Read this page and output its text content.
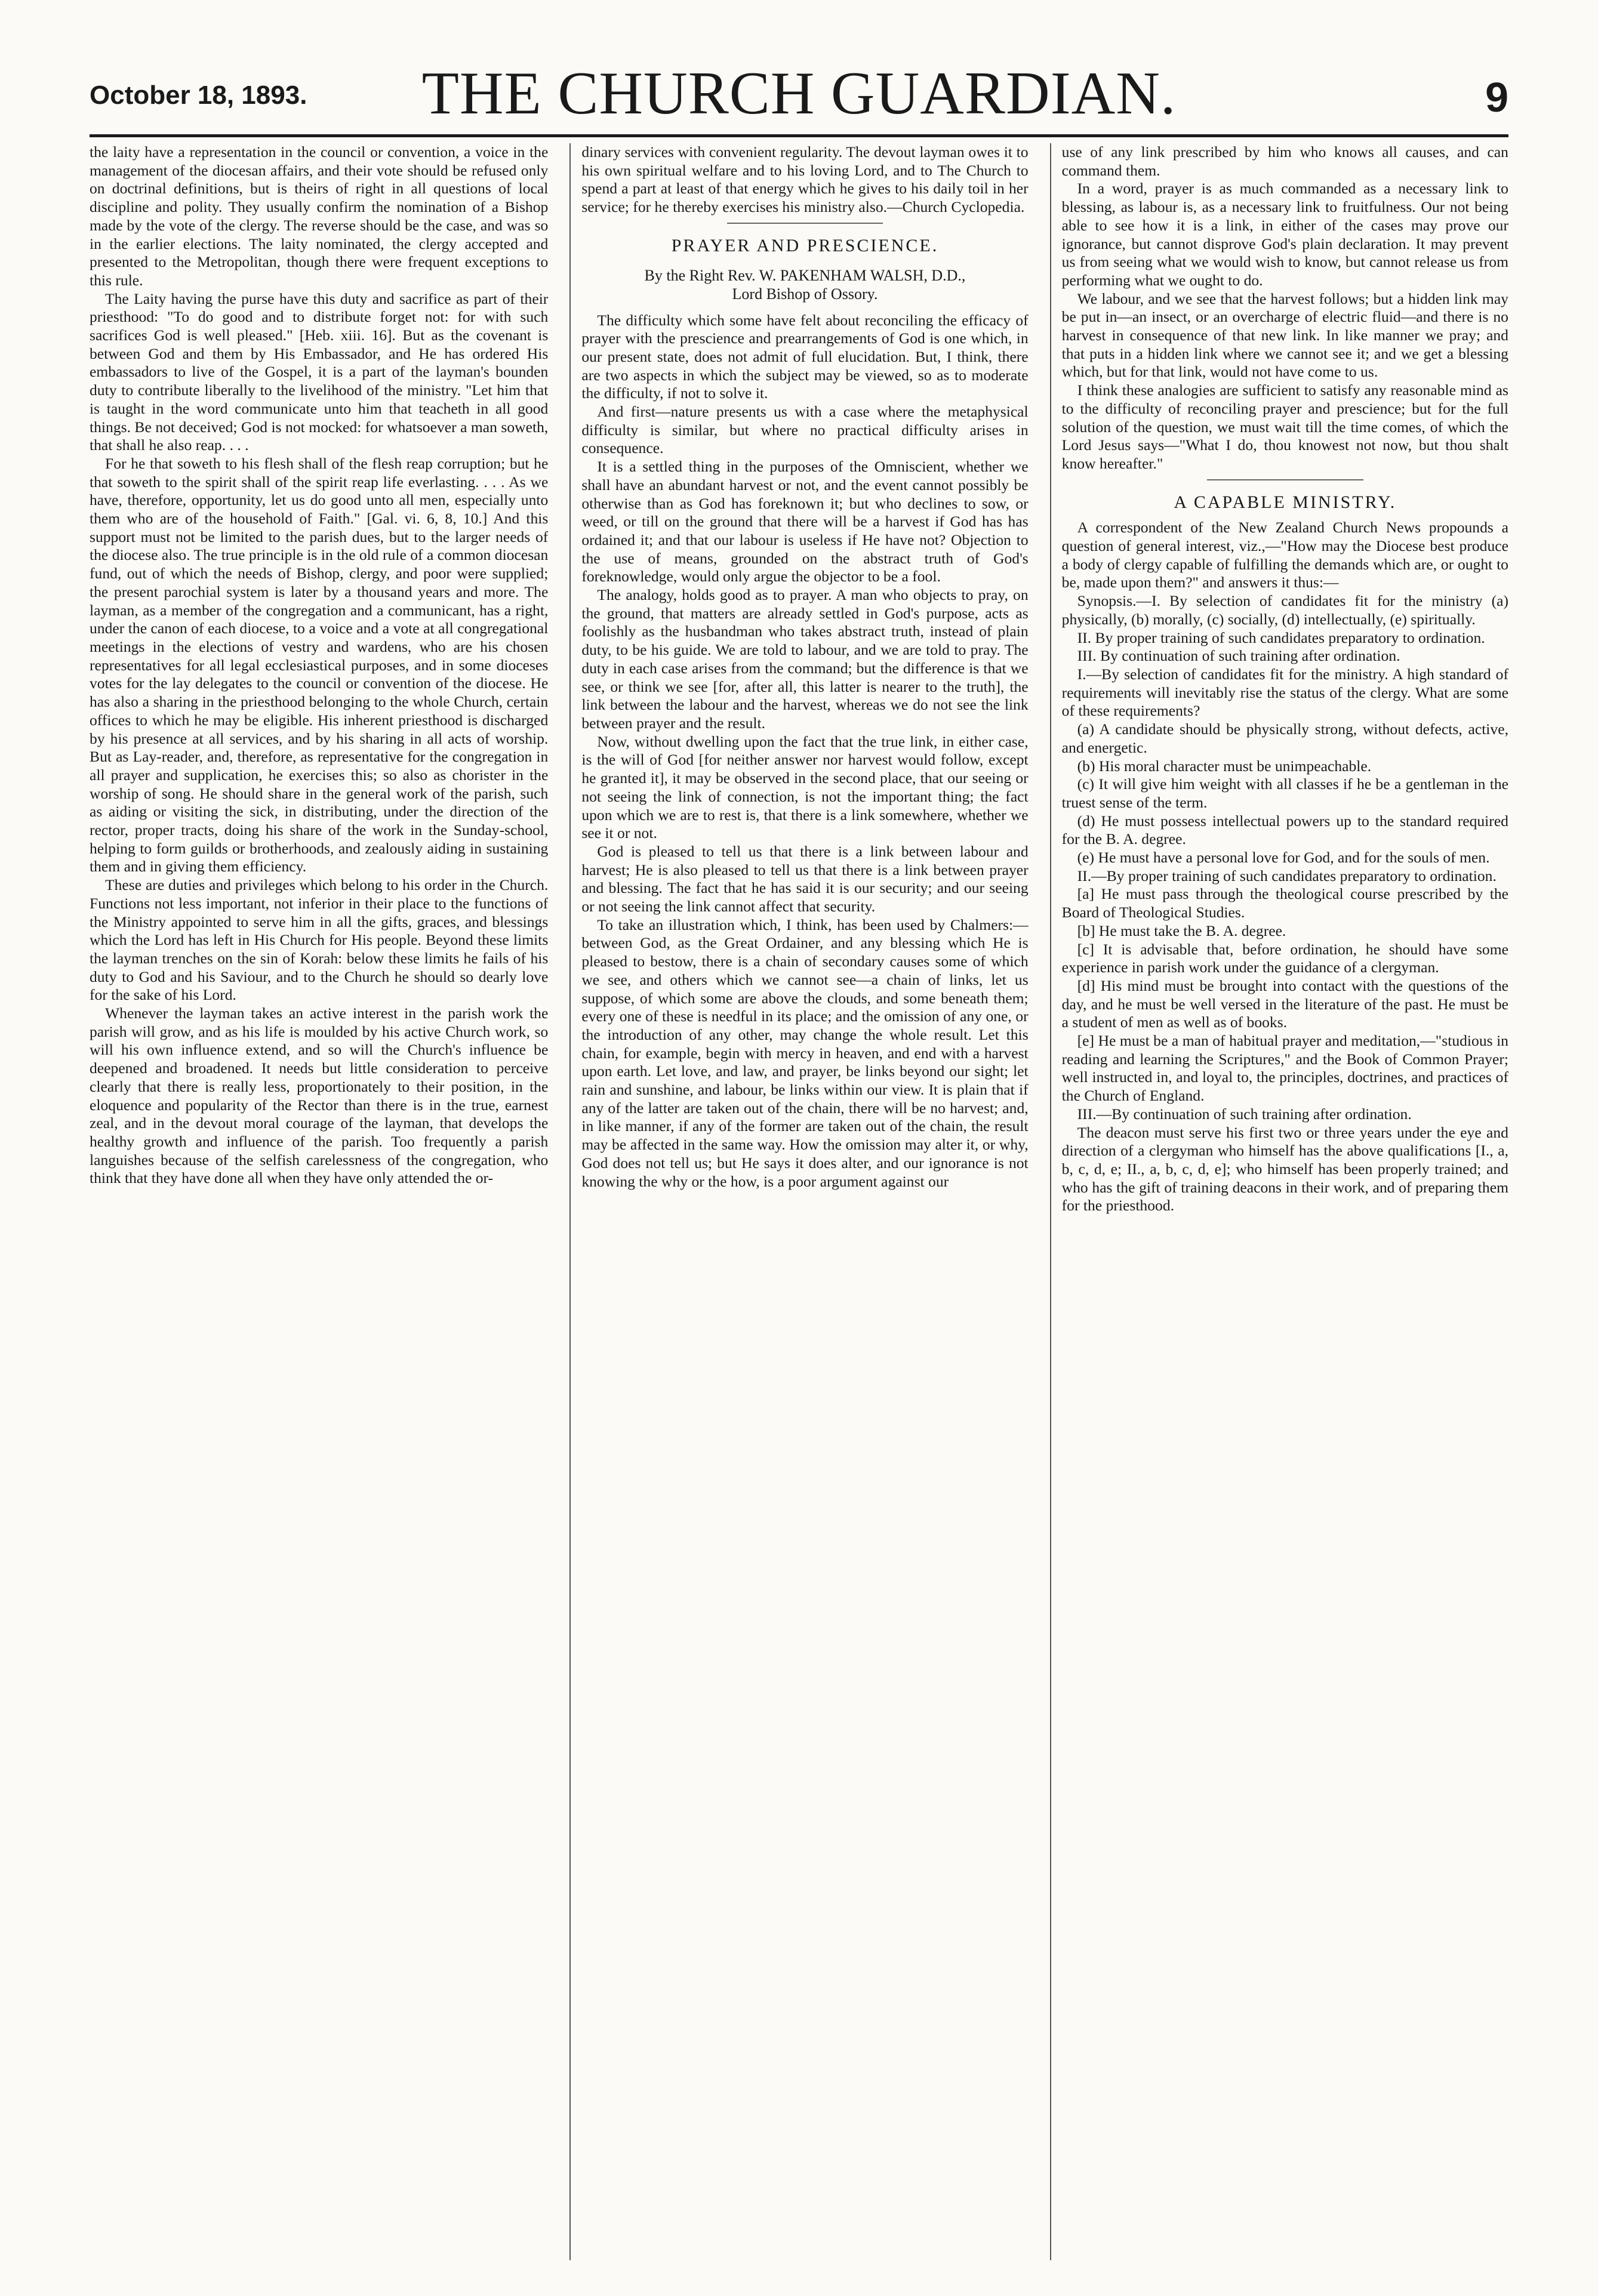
October 18, 1893.	THE CHURCH GUARDIAN.	9

the laity have a representation in the council or convention, a voice in the management of the diocesan affairs, and their vote should be refused only on doctrinal definitions, but is theirs of right in all questions of local discipline and polity. They usually confirm the nomination of a Bishop made by the vote of the clergy. The reverse should be the case, and was so in the earlier elections. The laity nominated, the clergy accepted and presented to the Metropolitan, though there were frequent exceptions to this rule.

The Laity having the purse have this duty and sacrifice as part of their priesthood: "To do good and to distribute forget not: for with such sacrifices God is well pleased." [Heb. xiii. 16]. But as the covenant is between God and them by His Embassador, and He has ordered His embassadors to live of the Gospel, it is a part of the layman's bounden duty to contribute liberally to the livelihood of the ministry. "Let him that is taught in the word communicate unto him that teacheth in all good things. Be not deceived; God is not mocked: for whatsoever a man soweth, that shall he also reap. . . .

For he that soweth to his flesh shall of the flesh reap corruption; but he that soweth to the spirit shall of the spirit reap life everlasting. . . . As we have, therefore, opportunity, let us do good unto all men, especially unto them who are of the household of Faith." [Gal. vi. 6, 8, 10.] And this support must not be limited to the parish dues, but to the larger needs of the diocese also. The true principle is in the old rule of a common diocesan fund, out of which the needs of Bishop, clergy, and poor were supplied; the present parochial system is later by a thousand years and more. The layman, as a member of the congregation and a communicant, has a right, under the canon of each diocese, to a voice and a vote at all congregational meetings in the elections of vestry and wardens, who are his chosen representatives for all legal ecclesiastical purposes, and in some dioceses votes for the lay delegates to the council or convention of the diocese. He has also a sharing in the priesthood belonging to the whole Church, certain offices to which he may be eligible. His inherent priesthood is discharged by his presence at all services, and by his sharing in all acts of worship. But as Lay-reader, and, therefore, as representative for the congregation in all prayer and supplication, he exercises this; so also as chorister in the worship of song. He should share in the general work of the parish, such as aiding or visiting the sick, in distributing, under the direction of the rector, proper tracts, doing his share of the work in the Sunday-school, helping to form guilds or brotherhoods, and zealously aiding in sustaining them and in giving them efficiency.

These are duties and privileges which belong to his order in the Church. Functions not less important, not inferior in their place to the functions of the Ministry appointed to serve him in all the gifts, graces, and blessings which the Lord has left in His Church for His people. Beyond these limits the layman trenches on the sin of Korah: below these limits he fails of his duty to God and his Saviour, and to the Church he should so dearly love for the sake of his Lord.

Whenever the layman takes an active interest in the parish work the parish will grow, and as his life is moulded by his active Church work, so will his own influence extend, and so will the Church's influence be deepened and broadened. It needs but little consideration to perceive clearly that there is really less, proportionately to their position, in the eloquence and popularity of the Rector than there is in the true, earnest zeal, and in the devout moral courage of the layman, that develops the healthy growth and influence of the parish. Too frequently a parish languishes because of the selfish carelessness of the congregation, who think that they have done all when they have only attended the or-

dinary services with convenient regularity. The devout layman owes it to his own spiritual welfare and to his loving Lord, and to The Church to spend a part at least of that energy which he gives to his daily toil in her service; for he thereby exercises his ministry also.—Church Cyclopedia.

PRAYER AND PRESCIENCE.
By the Right Rev. W. PAKENHAM WALSH, D.D.,
Lord Bishop of Ossory.

The difficulty which some have felt about reconciling the efficacy of prayer with the prescience and prearrangements of God is one which, in our present state, does not admit of full elucidation. But, I think, there are two aspects in which the subject may be viewed, so as to moderate the difficulty, if not to solve it.

And first—nature presents us with a case where the metaphysical difficulty is similar, but where no practical difficulty arises in consequence.

It is a settled thing in the purposes of the Omniscient, whether we shall have an abundant harvest or not, and the event cannot possibly be otherwise than as God has foreknown it; but who declines to sow, or weed, or till on the ground that there will be a harvest if God has has ordained it; and that our labour is useless if He have not? Objection to the use of means, grounded on the abstract truth of God's foreknowledge, would only argue the objector to be a fool.

The analogy, holds good as to prayer. A man who objects to pray, on the ground, that matters are already settled in God's purpose, acts as foolishly as the husbandman who takes abstract truth, instead of plain duty, to be his guide. We are told to labour, and we are told to pray. The duty in each case arises from the command; but the difference is that we see, or think we see [for, after all, this latter is nearer to the truth], the link between the labour and the harvest, whereas we do not see the link between prayer and the result.

Now, without dwelling upon the fact that the true link, in either case, is the will of God [for neither answer nor harvest would follow, except he granted it], it may be observed in the second place, that our seeing or not seeing the link of connection, is not the important thing; the fact upon which we are to rest is, that there is a link somewhere, whether we see it or not.

God is pleased to tell us that there is a link between labour and harvest; He is also pleased to tell us that there is a link between prayer and blessing. The fact that he has said it is our security; and our seeing or not seeing the link cannot affect that security.

To take an illustration which, I think, has been used by Chalmers:— between God, as the Great Ordainer, and any blessing which He is pleased to bestow, there is a chain of secondary causes some of which we see, and others which we cannot see—a chain of links, let us suppose, of which some are above the clouds, and some beneath them; every one of these is needful in its place; and the omission of any one, or the introduction of any other, may change the whole result. Let this chain, for example, begin with mercy in heaven, and end with a harvest upon earth. Let love, and law, and prayer, be links beyond our sight; let rain and sunshine, and labour, be links within our view. It is plain that if any of the latter are taken out of the chain, there will be no harvest; and, in like manner, if any of the former are taken out of the chain, the result may be affected in the same way. How the omission may alter it, or why, God does not tell us; but He says it does alter, and our ignorance is not knowing the why or the how, is a poor argument against our

use of any link prescribed by him who knows all causes, and can command them.

In a word, prayer is as much commanded as a necessary link to blessing, as labour is, as a necessary link to fruitfulness. Our not being able to see how it is a link, in either of the cases may prove our ignorance, but cannot disprove God's plain declaration. It may prevent us from seeing what we would wish to know, but cannot release us from performing what we ought to do.

We labour, and we see that the harvest follows; but a hidden link may be put in—an insect, or an overcharge of electric fluid—and there is no harvest in consequence of that new link. In like manner we pray; and that puts in a hidden link where we cannot see it; and we get a blessing which, but for that link, would not have come to us.

I think these analogies are sufficient to satisfy any reasonable mind as to the difficulty of reconciling prayer and prescience; but for the full solution of the question, we must wait till the time comes, of which the Lord Jesus says—"What I do, thou knowest not now, but thou shalt know hereafter."

A CAPABLE MINISTRY.

A correspondent of the New Zealand Church News propounds a question of general interest, viz.,—"How may the Diocese best produce a body of clergy capable of fulfilling the demands which are, or ought to be, made upon them?" and answers it thus:—

Synopsis.—I. By selection of candidates fit for the ministry (a) physically, (b) morally, (c) socially, (d) intellectually, (e) spiritually.

II. By proper training of such candidates preparatory to ordination.

III. By continuation of such training after ordination.

I.—By selection of candidates fit for the ministry. A high standard of requirements will inevitably rise the status of the clergy. What are some of these requirements?

(a) A candidate should be physically strong, without defects, active, and energetic.

(b) His moral character must be unimpeachable.

(c) It will give him weight with all classes if he be a gentleman in the truest sense of the term.

(d) He must possess intellectual powers up to the standard required for the B. A. degree.

(e) He must have a personal love for God, and for the souls of men.

II.—By proper training of such candidates preparatory to ordination.

[a] He must pass through the theological course prescribed by the Board of Theological Studies.

[b] He must take the B. A. degree.

[c] It is advisable that, before ordination, he should have some experience in parish work under the guidance of a clergyman.

[d] His mind must be brought into contact with the questions of the day, and he must be well versed in the literature of the past. He must be a student of men as well as of books.

[e] He must be a man of habitual prayer and meditation,—"studious in reading and learning the Scriptures," and the Book of Common Prayer; well instructed in, and loyal to, the principles, doctrines, and practices of the Church of England.

III.—By continuation of such training after ordination.

The deacon must serve his first two or three years under the eye and direction of a clergyman who himself has the above qualifications [I., a, b, c, d, e; II., a, b, c, d, e]; who himself has been properly trained; and who has the gift of training deacons in their work, and of preparing them for the priesthood.
